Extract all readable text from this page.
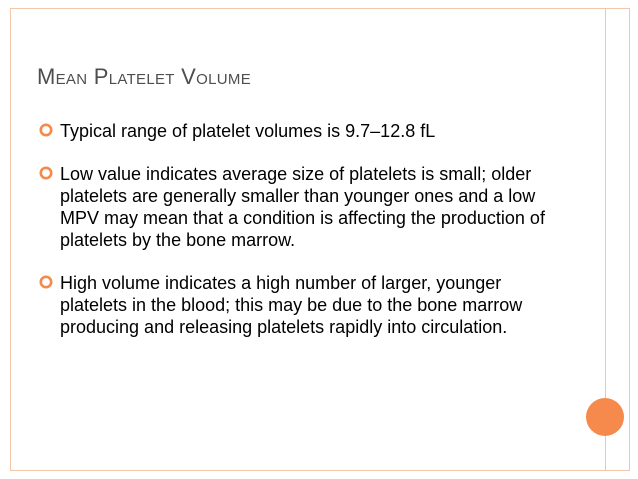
Mean Platelet Volume
Typical range of platelet volumes is 9.7–12.8 fL
Low value indicates average size of platelets is small; older platelets are generally smaller than younger ones and a low MPV may mean that a condition is affecting the production of platelets by the bone marrow.
High volume indicates a high number of larger, younger platelets in the blood; this may be due to the bone marrow producing and releasing platelets rapidly into circulation.
